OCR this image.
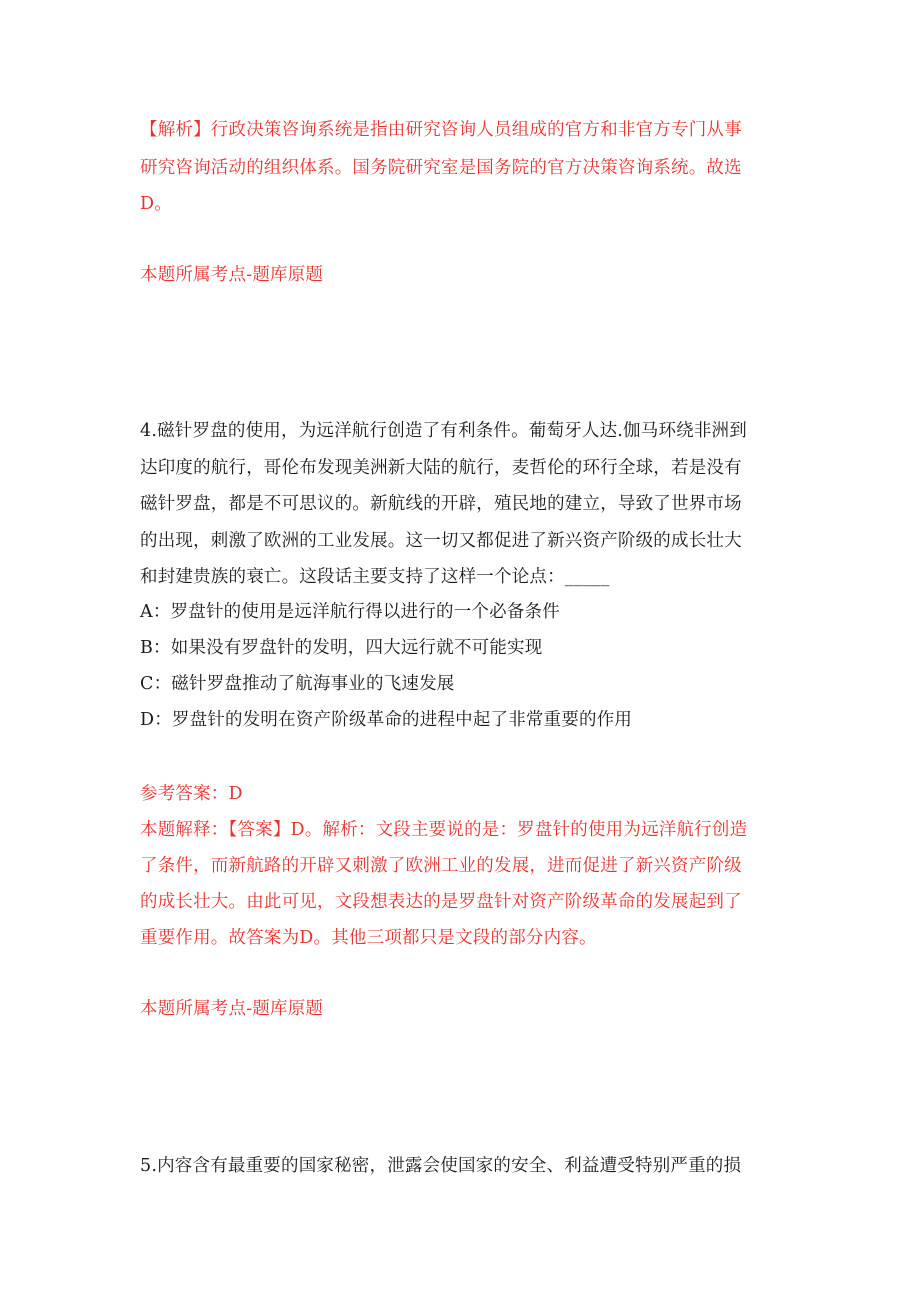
【解析】行政决策咨询系统是指由研究咨询人员组成的官方和非官方专门从事
研究咨询活动的组织体系。国务院研究室是国务院的官方决策咨询系统。故选
D。
本题所属考点-题库原题
4.磁针罗盘的使用，为远洋航行创造了有利条件。葡萄牙人达.伽马环绕非洲到
达印度的航行，哥伦布发现美洲新大陆的航行，麦哲伦的环行全球，若是没有
磁针罗盘，都是不可思议的。新航线的开辟，殖民地的建立，导致了世界市场
的出现，刺激了欧洲的工业发展。这一切又都促进了新兴资产阶级的成长壮大
和封建贵族的衰亡。这段话主要支持了这样一个论点：_____
A：罗盘针的使用是远洋航行得以进行的一个必备条件
B：如果没有罗盘针的发明，四大远行就不可能实现
C：磁针罗盘推动了航海事业的飞速发展
D：罗盘针的发明在资产阶级革命的进程中起了非常重要的作用
参考答案：D
本题解释：【答案】D。解析：文段主要说的是：罗盘针的使用为远洋航行创造
了条件，而新航路的开辟又刺激了欧洲工业的发展，进而促进了新兴资产阶级
的成长壮大。由此可见，文段想表达的是罗盘针对资产阶级革命的发展起到了
重要作用。故答案为D。其他三项都只是文段的部分内容。
本题所属考点-题库原题
5.内容含有最重要的国家秘密，泄露会使国家的安全、利益遭受特别严重的损
